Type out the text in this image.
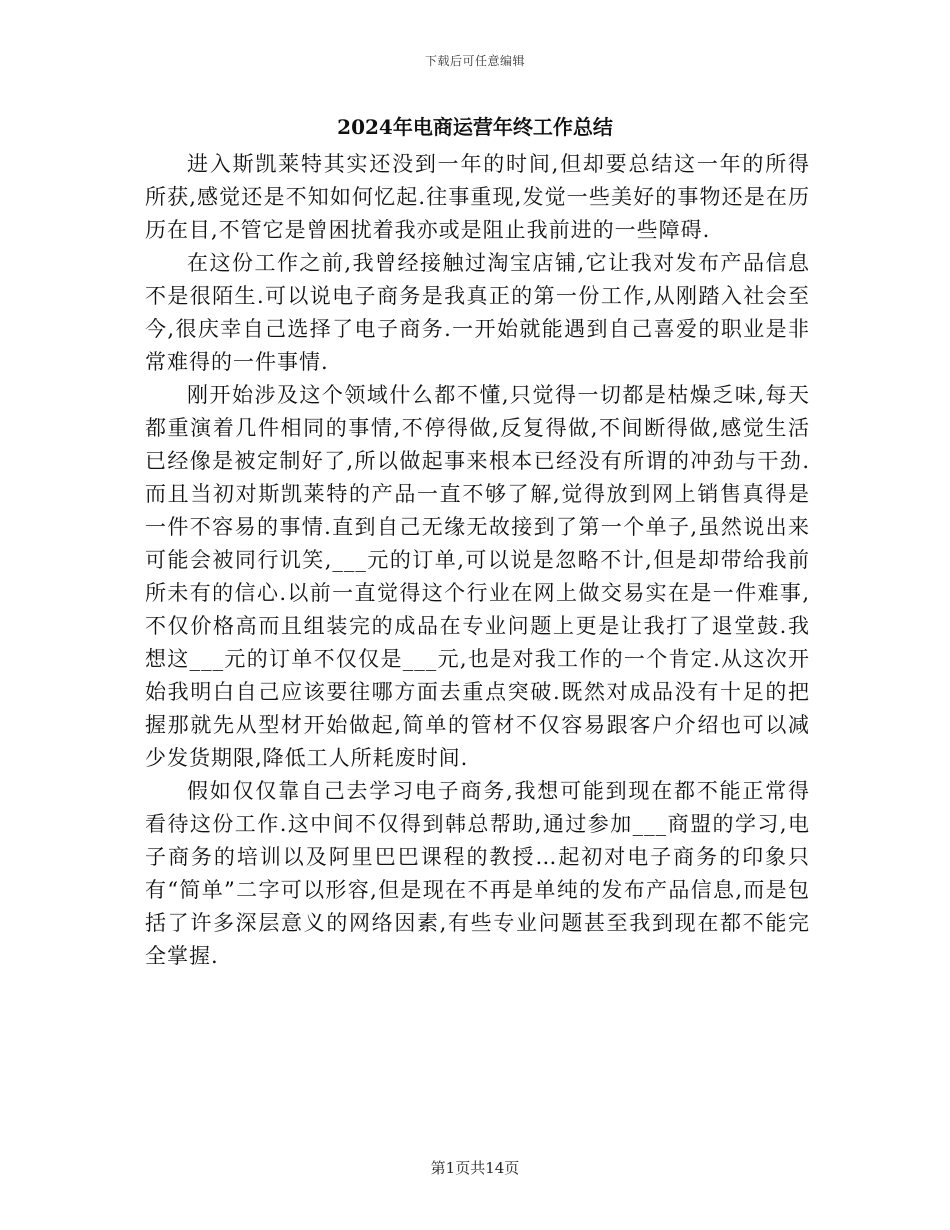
下载后可任意编辑
2024年电商运营年终工作总结

进入斯凯莱特其实还没到一年的时间,但却要总结这一年的所得所获,感觉还是不知如何忆起.往事重现,发觉一些美好的事物还是在历历在目,不管它是曾困扰着我亦或是阻止我前进的一些障碍.

在这份工作之前,我曾经接触过淘宝店铺,它让我对发布产品信息不是很陌生.可以说电子商务是我真正的第一份工作,从刚踏入社会至今,很庆幸自己选择了电子商务.一开始就能遇到自己喜爱的职业是非常难得的一件事情.

刚开始涉及这个领域什么都不懂,只觉得一切都是枯燥乏味,每天都重演着几件相同的事情,不停得做,反复得做,不间断得做,感觉生活已经像是被定制好了,所以做起事来根本已经没有所谓的冲劲与干劲.而且当初对斯凯莱特的产品一直不够了解,觉得放到网上销售真得是一件不容易的事情.直到自己无缘无故接到了第一个单子,虽然说出来可能会被同行讥笑,___元的订单,可以说是忽略不计,但是却带给我前所未有的信心.以前一直觉得这个行业在网上做交易实在是一件难事,不仅价格高而且组装完的成品在专业问题上更是让我打了退堂鼓.我想这___元的订单不仅仅是___元,也是对我工作的一个肯定.从这次开始我明白自己应该要往哪方面去重点突破.既然对成品没有十足的把握那就先从型材开始做起,简单的管材不仅容易跟客户介绍也可以减少发货期限,降低工人所耗废时间.

假如仅仅靠自己去学习电子商务,我想可能到现在都不能正常得看待这份工作.这中间不仅得到韩总帮助,通过参加___商盟的学习,电子商务的培训以及阿里巴巴课程的教授…起初对电子商务的印象只有“简单”二字可以形容,但是现在不再是单纯的发布产品信息,而是包括了许多深层意义的网络因素,有些专业问题甚至我到现在都不能完全掌握.

第1页共14页
